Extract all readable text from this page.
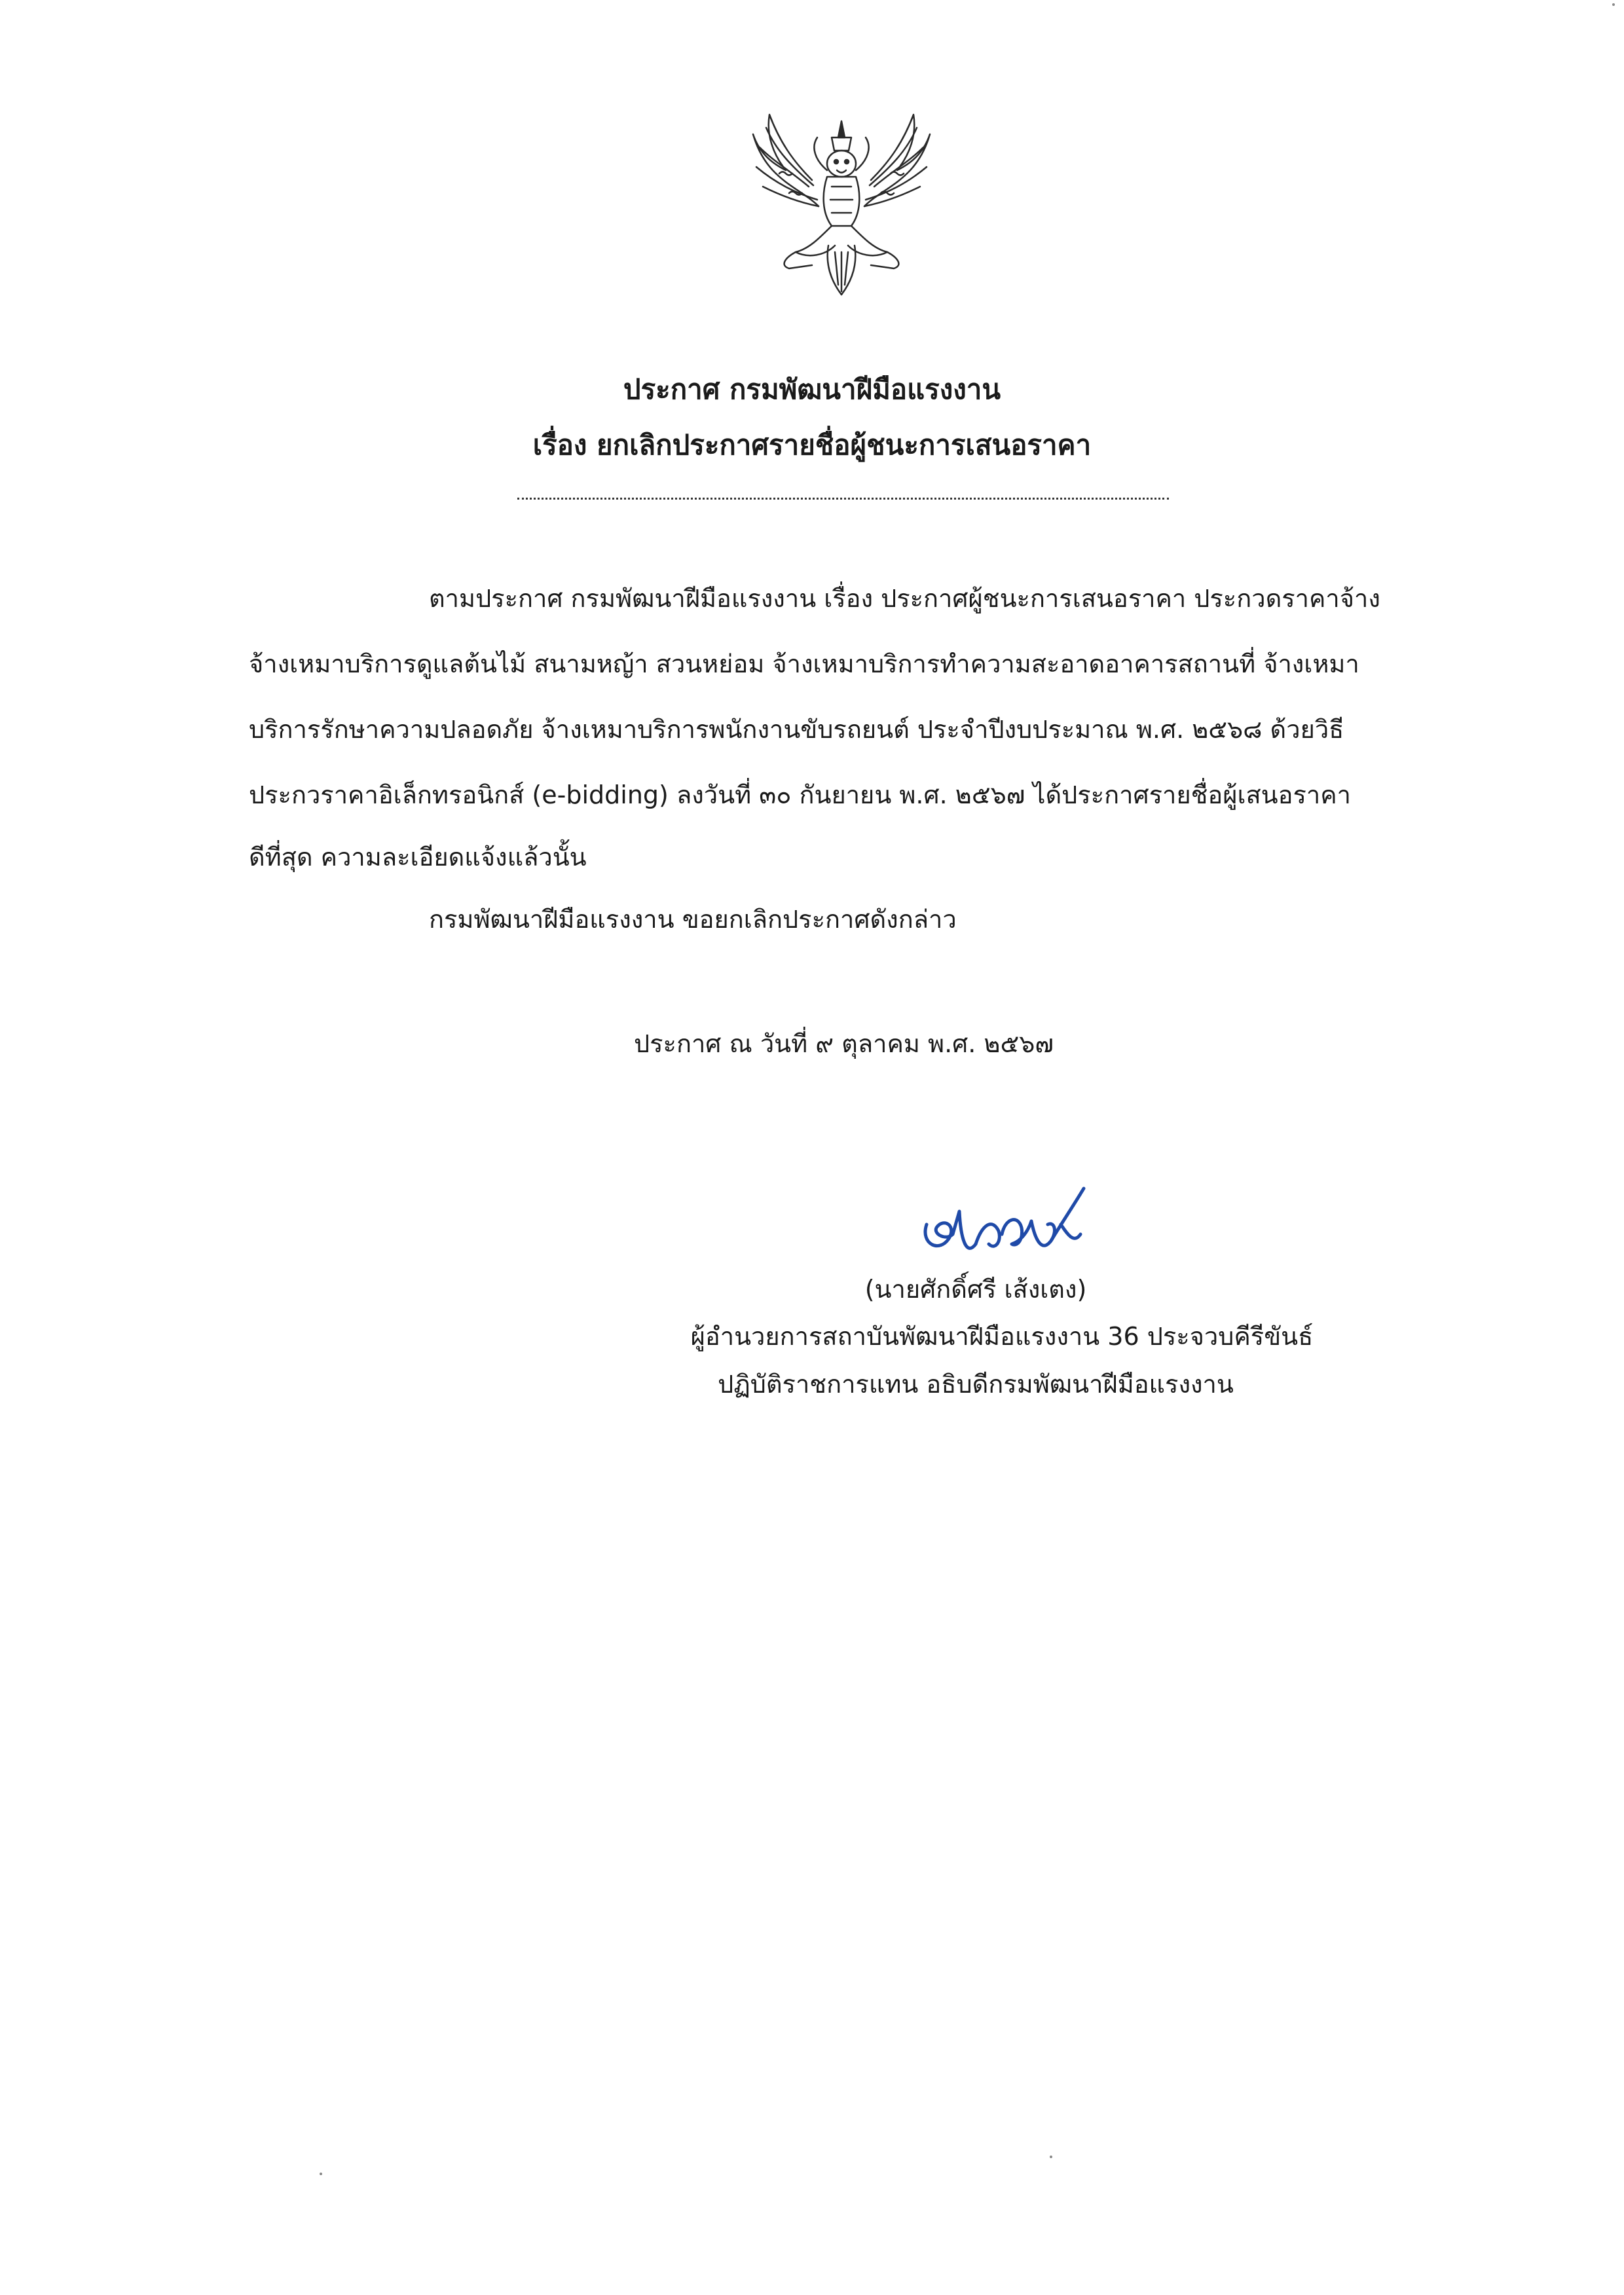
ประกาศ กรมพัฒนาฝีมือแรงงาน
เรื่อง ยกเลิกประกาศรายชื่อผู้ชนะการเสนอราคา
ตามประกาศ กรมพัฒนาฝีมือแรงงาน เรื่อง ประกาศผู้ชนะการเสนอราคา ประกวดราคาจ้าง
จ้างเหมาบริการดูแลต้นไม้ สนามหญ้า สวนหย่อม จ้างเหมาบริการทำความสะอาดอาคารสถานที่ จ้างเหมา
บริการรักษาความปลอดภัย จ้างเหมาบริการพนักงานขับรถยนต์ ประจำปีงบประมาณ พ.ศ. ๒๕๖๘ ด้วยวิธี
ประกวราคาอิเล็กทรอนิกส์ (e-bidding) ลงวันที่ ๓๐ กันยายน พ.ศ. ๒๕๖๗ ได้ประกาศรายชื่อผู้เสนอราคา
ดีที่สุด ความละเอียดแจ้งแล้วนั้น
กรมพัฒนาฝีมือแรงงาน ขอยกเลิกประกาศดังกล่าว
ประกาศ ณ วันที่ ๙ ตุลาคม พ.ศ. ๒๕๖๗
(นายศักดิ์ศรี เส้งเตง)
ผู้อำนวยการสถาบันพัฒนาฝีมือแรงงาน 36 ประจวบคีรีขันธ์
ปฏิบัติราชการแทน อธิบดีกรมพัฒนาฝีมือแรงงาน
